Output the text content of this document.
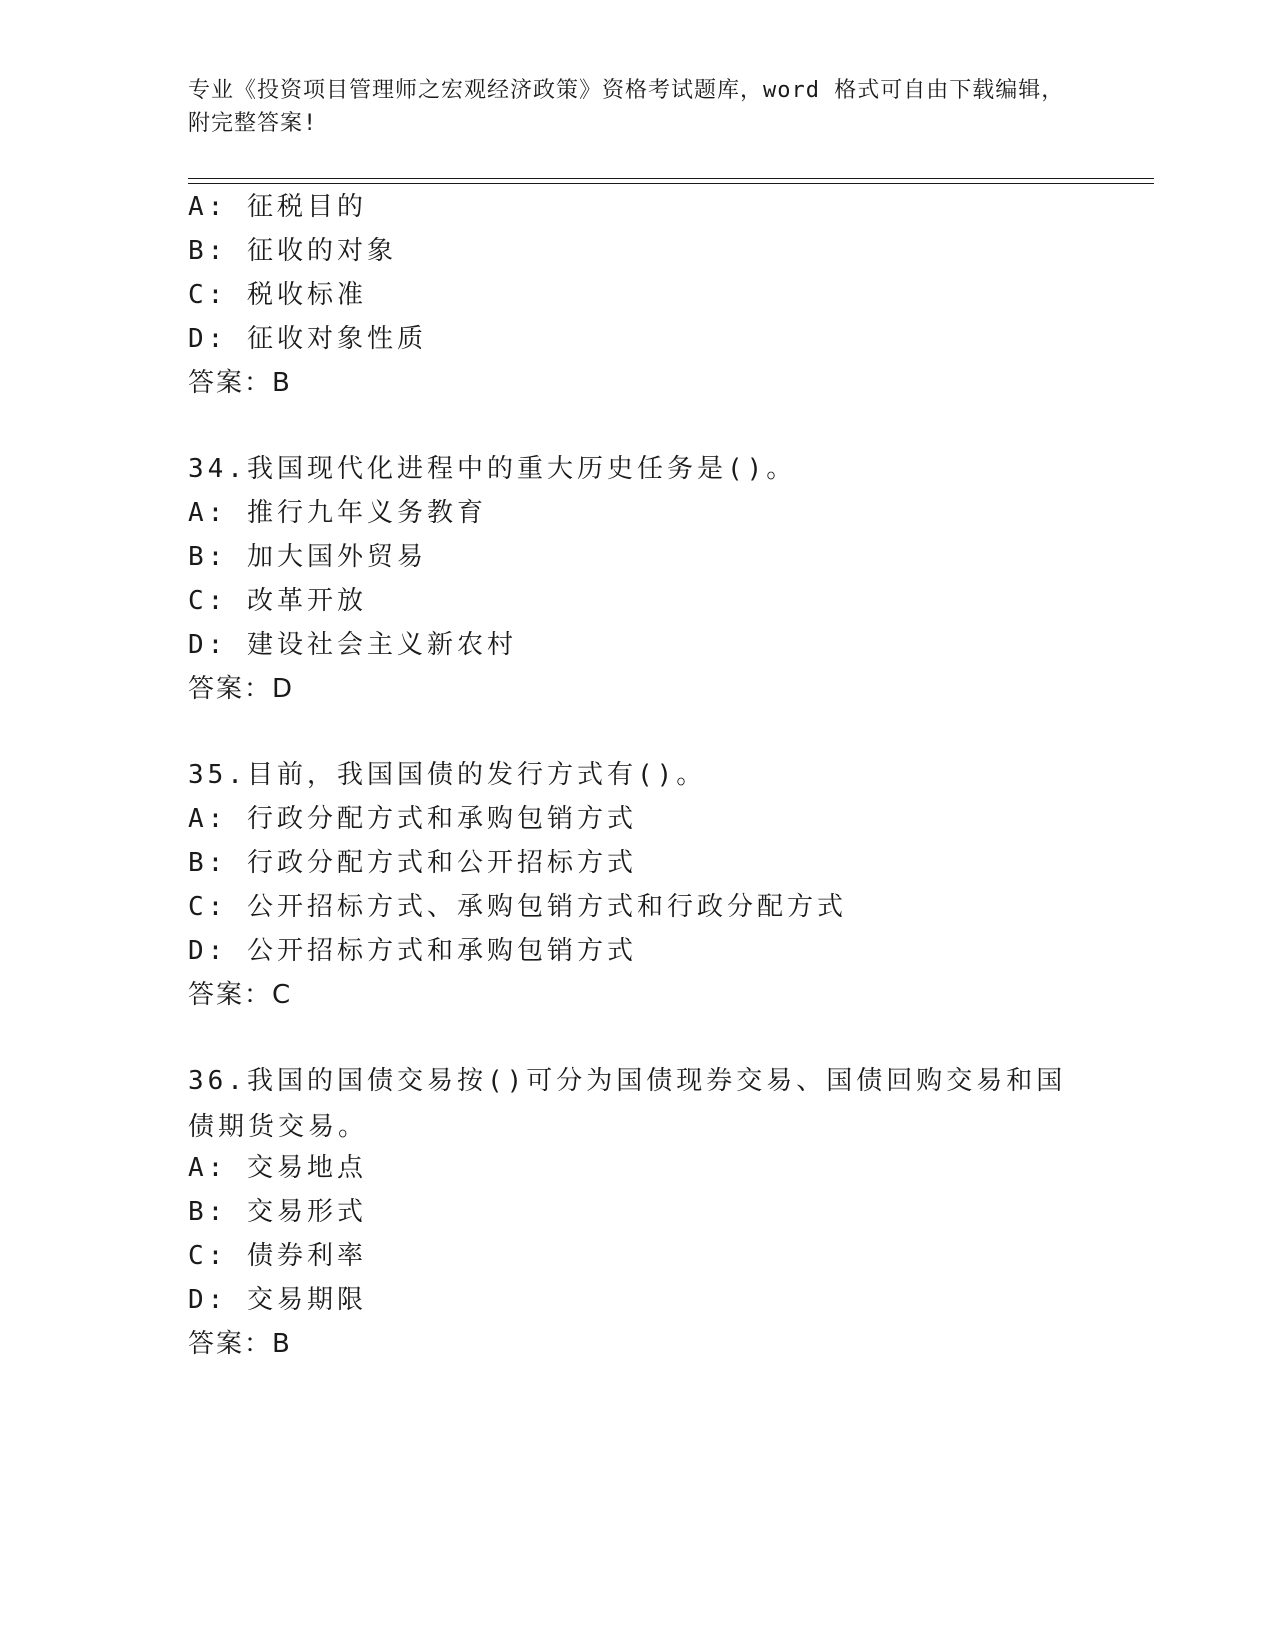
专业《投资项目管理师之宏观经济政策》资格考试题库，word 格式可自由下载编辑，附完整答案!

A: 征税目的

B: 征收的对象

C: 税收标准

D: 征收对象性质

答案：B

34.我国现代化进程中的重大历史任务是()。

A: 推行九年义务教育

B: 加大国外贸易

C: 改革开放

D: 建设社会主义新农村

答案：D

35.目前，我国国债的发行方式有()。

A: 行政分配方式和承购包销方式

B: 行政分配方式和公开招标方式

C: 公开招标方式、承购包销方式和行政分配方式

D: 公开招标方式和承购包销方式

答案：C

36.我国的国债交易按()可分为国债现券交易、国债回购交易和国债期货交易。

A: 交易地点

B: 交易形式

C: 债券利率

D: 交易期限

答案：B
